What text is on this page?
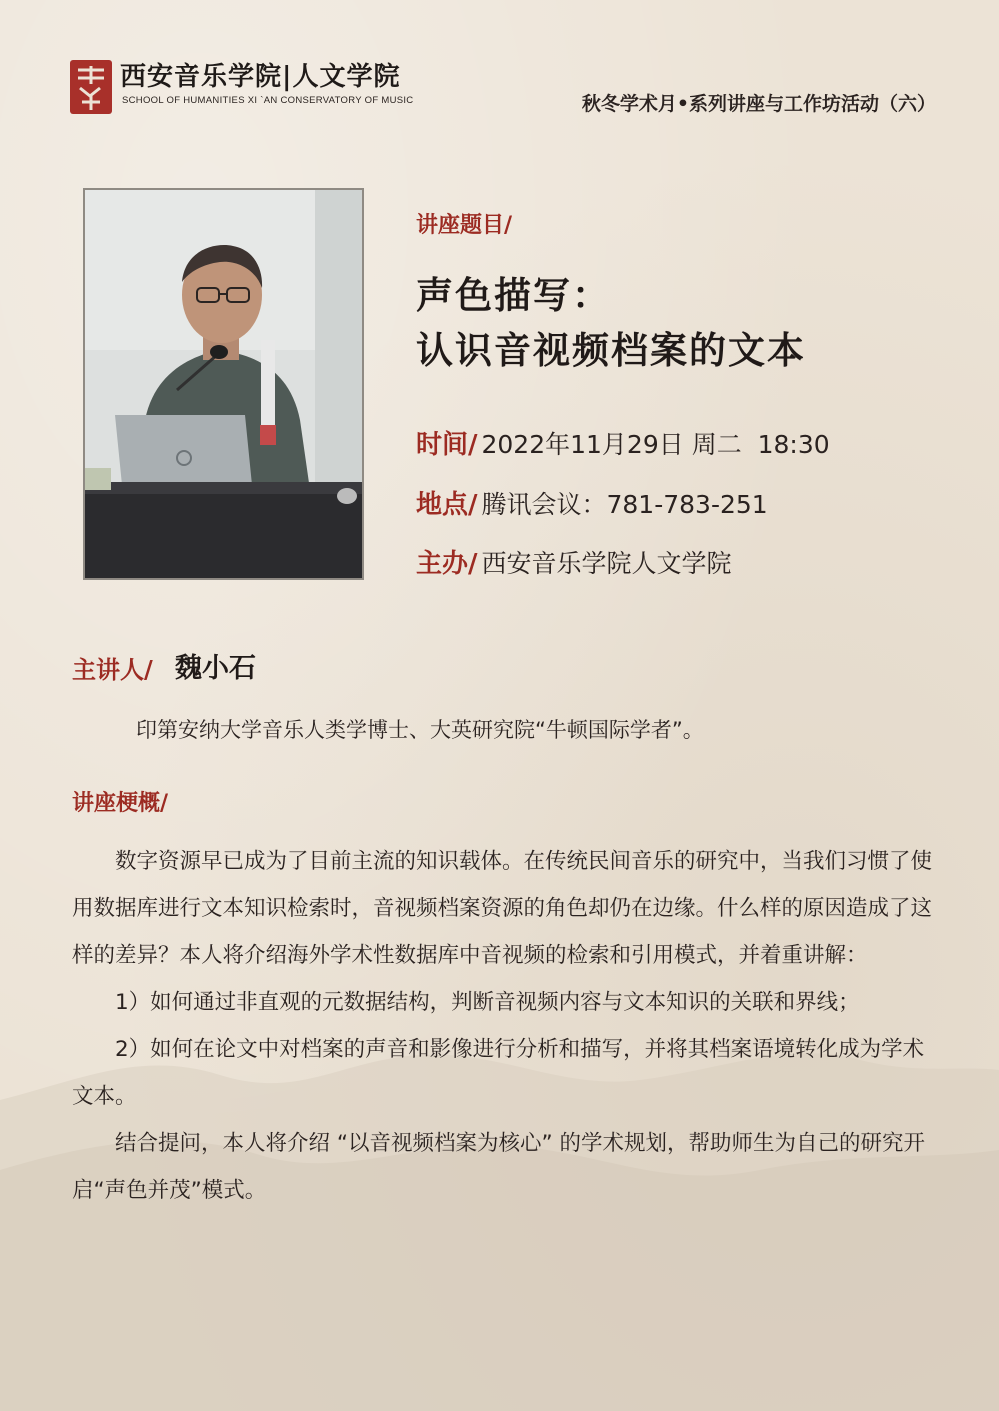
西安音乐学院|人文学院
SCHOOL OF HUMANITIES XI `AN CONSERVATORY OF MUSIC	秋冬学术月•系列讲座与工作坊活动（六）
讲座题目/
声色描写：
认识音视频档案的文本
时间/ 2022年11月29日 周二  18:30
地点/ 腾讯会议：781-783-251
主办/ 西安音乐学院人文学院
主讲人/ 魏小石
印第安纳大学音乐人类学博士、大英研究院“牛顿国际学者”。
讲座梗概/

数字资源早已成为了目前主流的知识载体。在传统民间音乐的研究中，当我们习惯了使用数据库进行文本知识检索时，音视频档案资源的角色却仍在边缘。什么样的原因造成了这样的差异？本人将介绍海外学术性数据库中音视频的检索和引用模式，并着重讲解：

1）如何通过非直观的元数据结构，判断音视频内容与文本知识的关联和界线；

2）如何在论文中对档案的声音和影像进行分析和描写，并将其档案语境转化成为学术文本。

结合提问，本人将介绍 “以音视频档案为核心” 的学术规划，帮助师生为自己的研究开启“声色并茂”模式。
